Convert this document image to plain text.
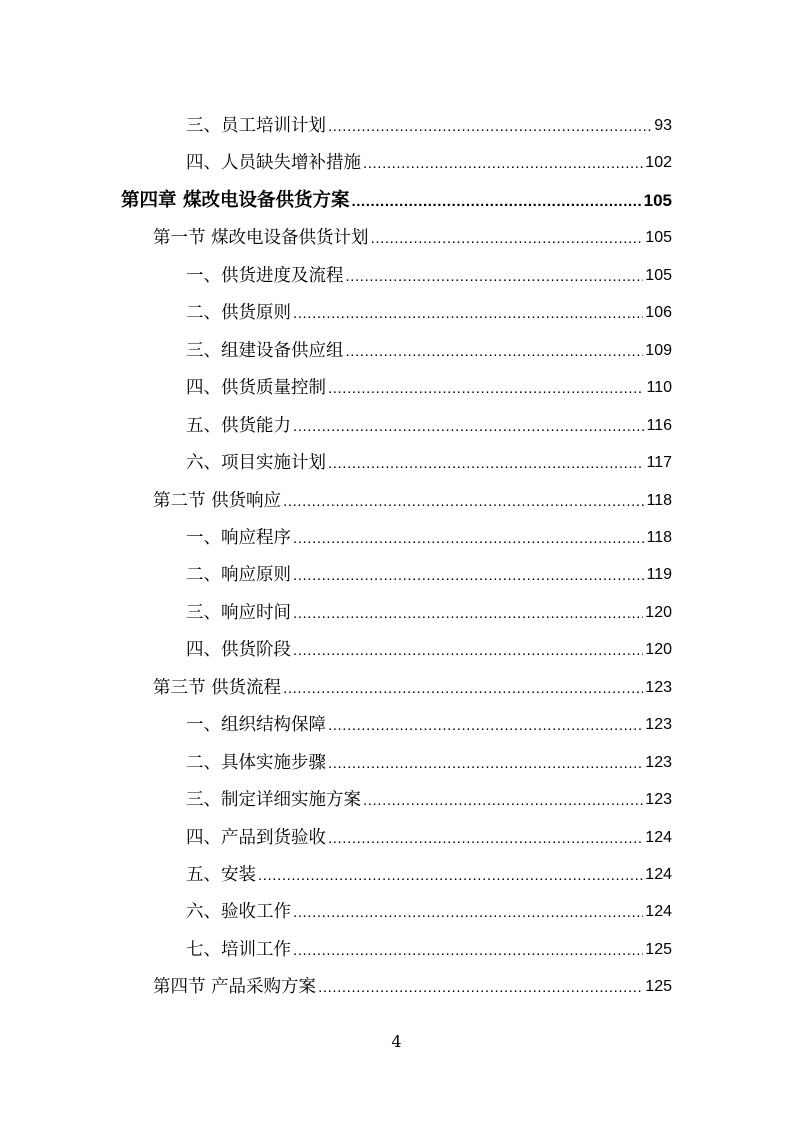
三、员工培训计划 .....	93
四、人员缺失增补措施 .....	102
第四章 煤改电设备供货方案 .....	105
第一节 煤改电设备供货计划 .....	105
一、供货进度及流程 .....	105
二、供货原则 .....	106
三、组建设备供应组 .....	109
四、供货质量控制 .....	110
五、供货能力 .....	116
六、项目实施计划 .....	117
第二节 供货响应 .....	118
一、响应程序 .....	118
二、响应原则 .....	119
三、响应时间 .....	120
四、供货阶段 .....	120
第三节 供货流程 .....	123
一、组织结构保障 .....	123
二、具体实施步骤 .....	123
三、制定详细实施方案 .....	123
四、产品到货验收 .....	124
五、安装 .....	124
六、验收工作 .....	124
七、培训工作 .....	125
第四节 产品采购方案 .....	125
4
